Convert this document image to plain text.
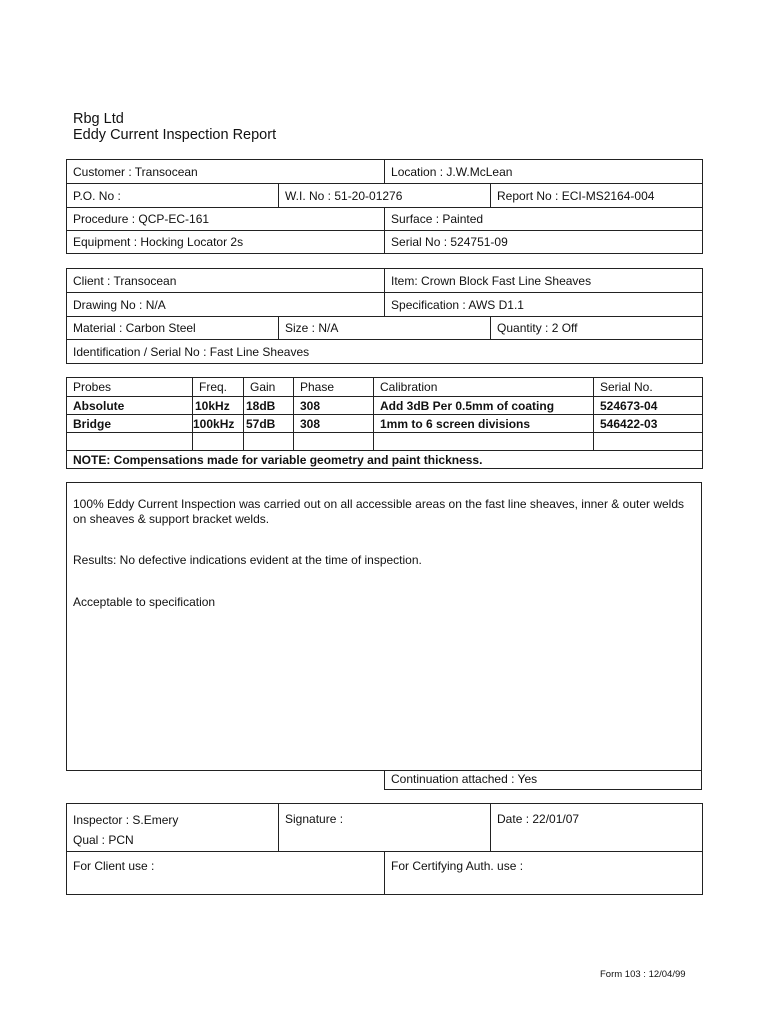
Rbg Ltd
Eddy Current Inspection Report
Customer : Transocean		Location : J.W.McLean	
P.O. No :	W.I. No : 51-20-01276		Report No : ECI-MS2164-004
Procedure : QCP-EC-161		Surface : Painted	
Equipment : Hocking Locator 2s		Serial No : 524751-09	
Client : Transocean		Item: Crown Block Fast Line Sheaves	
Drawing No : N/A		Specification : AWS D1.1	
Material : Carbon Steel	Size : N/A		Quantity : 2 Off
Identification / Serial No : Fast Line Sheaves			
Probes	Freq.	Gain	Phase	Calibration	Serial No.
Absolute	10kHz	18dB	308	Add 3dB Per 0.5mm of coating	524673-04
Bridge	100kHz	57dB	308	1mm to 6 screen divisions	546422-03

NOTE: Compensations made for variable geometry and paint thickness.					
100% Eddy Current Inspection was carried out on all accessible areas on the fast line sheaves, inner & outer welds on sheaves & support bracket welds.
Results: No defective indications evident at the time of inspection.
Acceptable to specification
Continuation attached : Yes
Inspector : S.Emery
Qual : PCN	Signature :		Date : 22/01/07
For Client use :		For Certifying Auth. use :	
Form 103 : 12/04/99
